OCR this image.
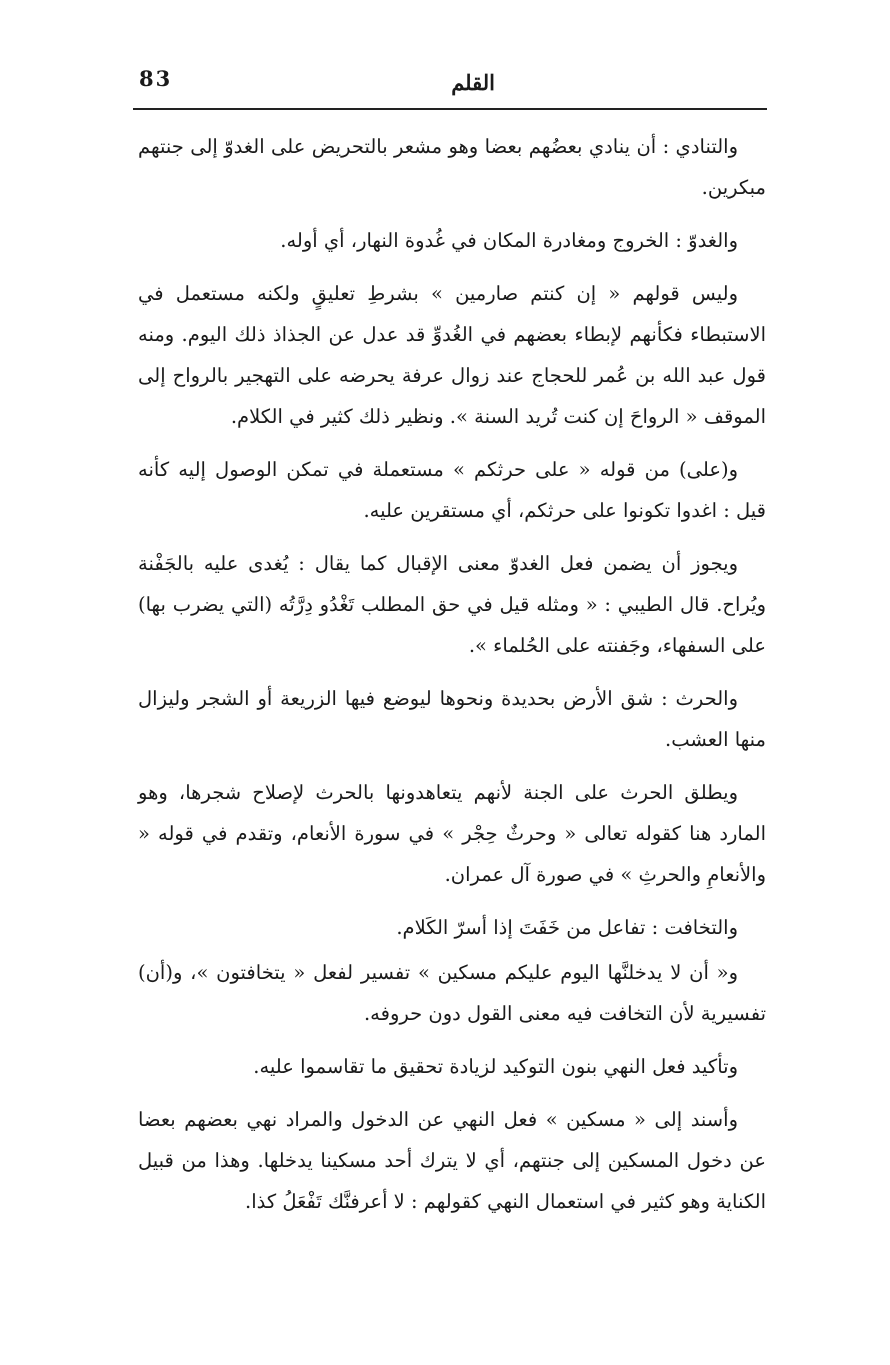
القلم
83

والتنادي : أن ينادي بعضُهم بعضا وهو مشعر بالتحريض على الغدوّ إلى جنتهم مبكرين.

والغدوّ : الخروج ومغادرة المكان في غُدوة النهار، أي أوله.

وليس قولهم « إن كنتم صارمين » بشرطِ تعليقٍ ولكنه مستعمل في الاستبطاء فكأنهم لإبطاء بعضهم في الغُدوِّ قد عدل عن الجذاذ ذلك اليوم. ومنه قول عبد الله بن عُمر للحجاج عند زوال عرفة يحرضه على التهجير بالرواح إلى الموقف « الرواحَ إن كنت تُريد السنة ». ونظير ذلك كثير في الكلام.

و(على) من قوله « على حرثكم » مستعملة في تمكن الوصول إليه كأنه قيل : اغدوا تكونوا على حرثكم، أي مستقرين عليه.

ويجوز أن يضمن فعل الغدوّ معنى الإقبال كما يقال : يُغدى عليه بالجَفْنة ويُراح. قال الطيبي : « ومثله قيل في حق المطلب تَغْدُو دِرَّتُه (التي يضرب بها) على السفهاء، وجَفنته على الحُلماء ».

والحرث : شق الأرض بحديدة ونحوها ليوضع فيها الزريعة أو الشجر وليزال منها العشب.

ويطلق الحرث على الجنة لأنهم يتعاهدونها بالحرث لإصلاح شجرها، وهو المارد هنا كقوله تعالى « وحرثٌ حِجْر » في سورة الأنعام، وتقدم في قوله « والأنعامِ والحرثِ » في صورة آل عمران.

والتخافت : تفاعل من خَفَتَ إذا أسرّ الكَلام.

و« أن لا يدخلنَّها اليوم عليكم مسكين » تفسير لفعل « يتخافتون »، و(أن) تفسيرية لأن التخافت فيه معنى القول دون حروفه.

وتأكيد فعل النهي بنون التوكيد لزيادة تحقيق ما تقاسموا عليه.

وأسند إلى « مسكين » فعل النهي عن الدخول والمراد نهي بعضهم بعضا عن دخول المسكين إلى جنتهم، أي لا يترك أحد مسكينا يدخلها. وهذا من قبيل الكناية وهو كثير في استعمال النهي كقولهم : لا أعرفنَّك تَفْعَلُ كذا.
